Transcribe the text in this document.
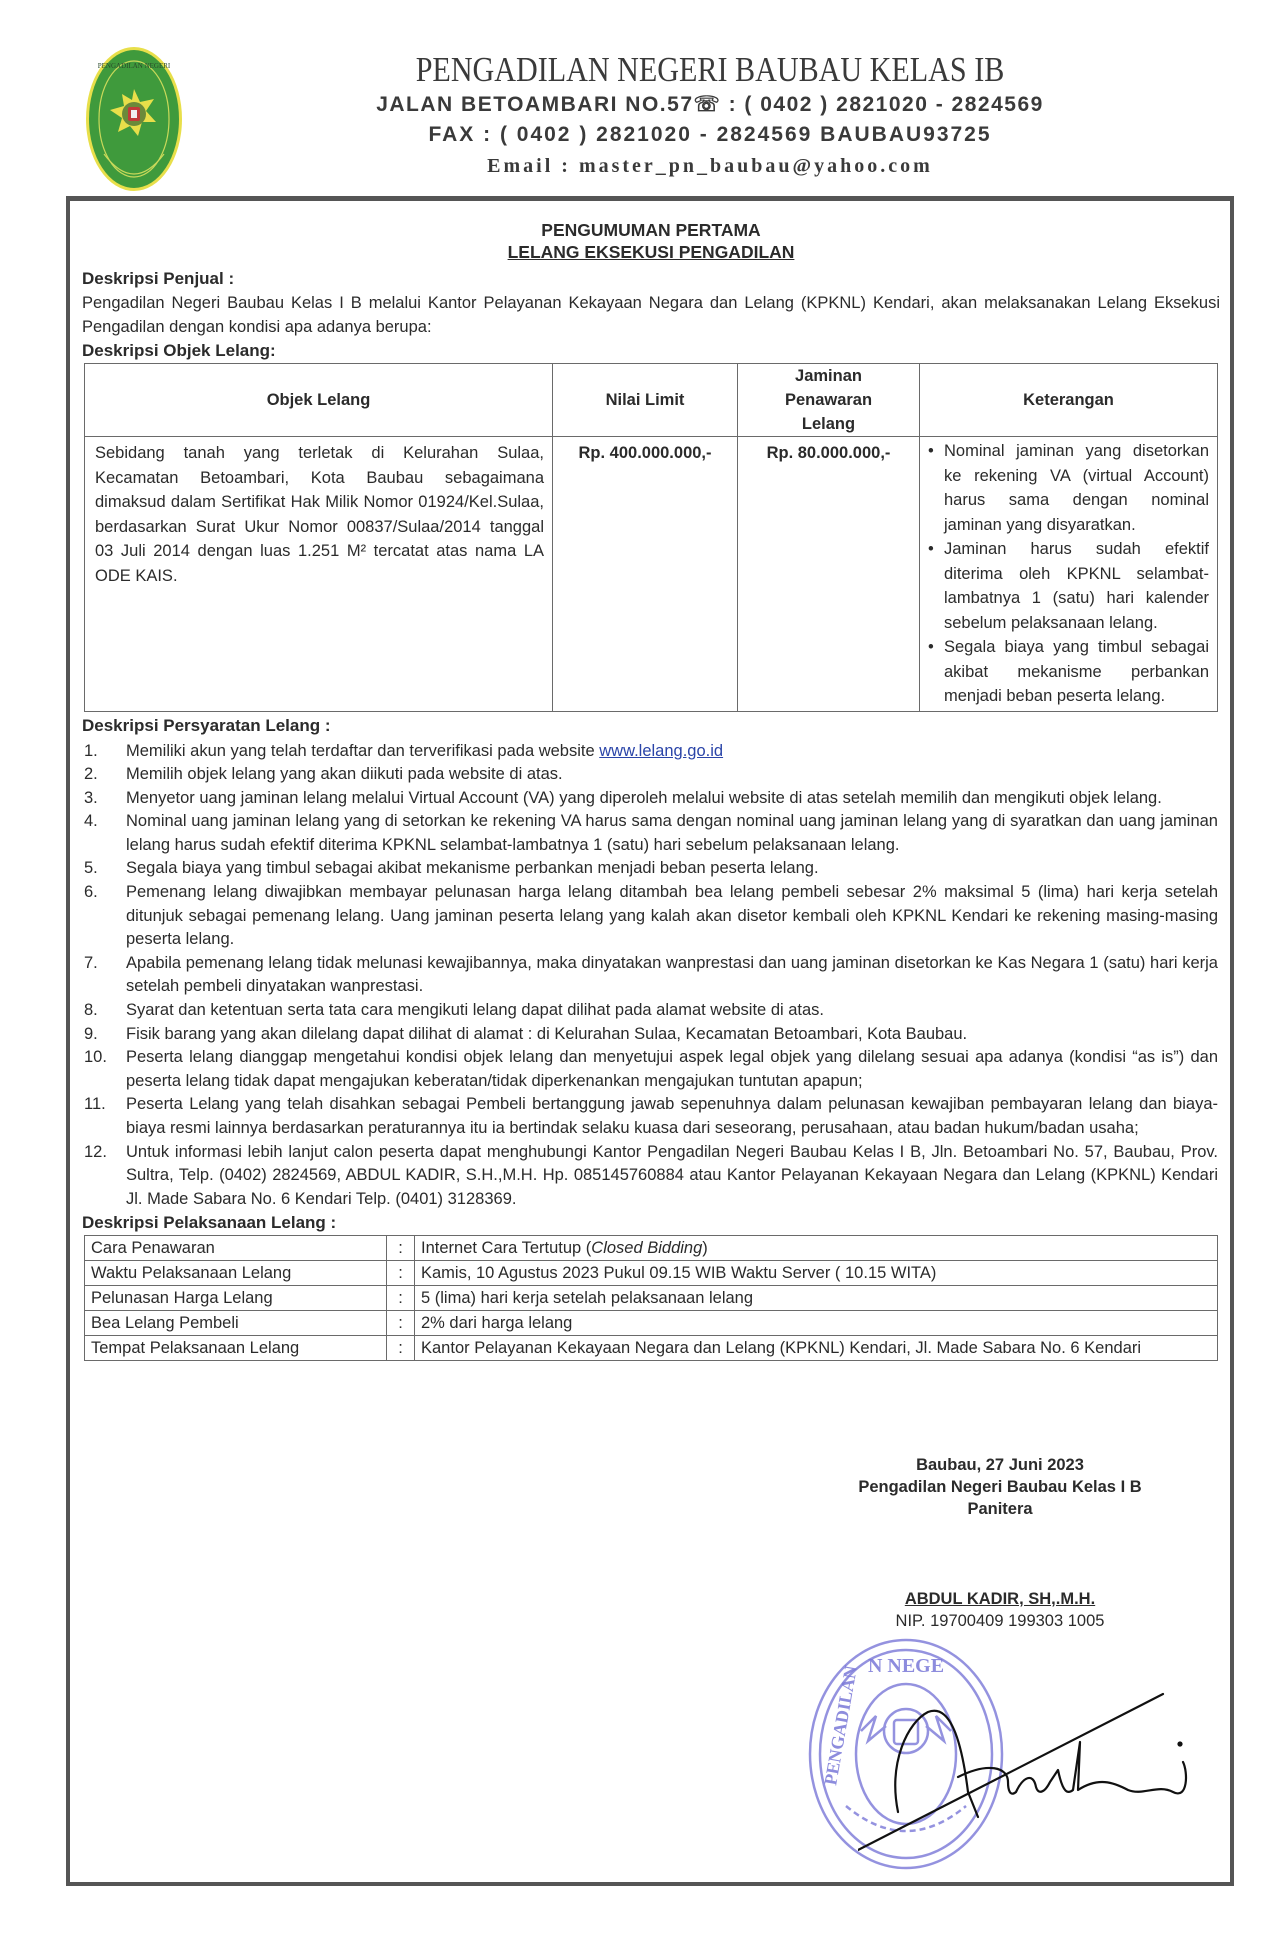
PENGADILAN NEGERI	PENGADILAN NEGERI BAUBAU KELAS IB
JALAN BETOAMBARI NO.57☏ : ( 0402 ) 2821020 - 2824569
FAX : ( 0402 ) 2821020 - 2824569 BAUBAU93725
Email : master_pn_baubau@yahoo.com
PENGUMUMAN PERTAMA
LELANG EKSEKUSI PENGADILAN
Deskripsi Penjual :
Pengadilan Negeri Baubau Kelas I B melalui Kantor Pelayanan Kekayaan Negara dan Lelang (KPKNL) Kendari, akan melaksanakan Lelang Eksekusi Pengadilan dengan kondisi apa adanya berupa:
Deskripsi Objek Lelang:
Objek Lelang	Nilai Limit	Jaminan Penawaran Lelang	Keterangan
Sebidang tanah yang terletak di Kelurahan Sulaa, Kecamatan Betoambari, Kota Baubau sebagaimana dimaksud dalam Sertifikat Hak Milik Nomor 01924/Kel.Sulaa, berdasarkan Surat Ukur Nomor 00837/Sulaa/2014 tanggal 03 Juli 2014 dengan luas 1.251 M² tercatat atas nama LA ODE KAIS.	Rp. 400.000.000,-	Rp. 80.000.000,-	
•Nominal jaminan yang disetorkan ke rekening VA (virtual Account) harus sama dengan nominal jaminan yang disyaratkan.
• Jaminan harus sudah efektif diterima oleh KPKNL selambat-lambatnya 1 (satu) hari kalender sebelum pelaksanaan lelang.
• Segala biaya yang timbul sebagai akibat mekanisme perbankan menjadi beban peserta lelang.
Deskripsi Persyaratan Lelang :
1.	Memiliki akun yang telah terdaftar dan terverifikasi pada website www.lelang.go.id
2.	Memilih objek lelang yang akan diikuti pada website di atas.
3.	Menyetor uang jaminan lelang melalui Virtual Account (VA) yang diperoleh melalui website di atas setelah memilih dan mengikuti objek lelang.
4.	Nominal uang jaminan lelang yang di setorkan ke rekening VA harus sama dengan nominal uang jaminan lelang yang di syaratkan dan uang jaminan lelang harus sudah efektif diterima KPKNL selambat-lambatnya 1 (satu) hari sebelum pelaksanaan lelang.
5.	Segala biaya yang timbul sebagai akibat mekanisme perbankan menjadi beban peserta lelang.
6.	Pemenang lelang diwajibkan membayar pelunasan harga lelang ditambah bea lelang pembeli sebesar 2% maksimal 5 (lima) hari kerja setelah ditunjuk sebagai pemenang lelang. Uang jaminan peserta lelang yang kalah akan disetor kembali oleh KPKNL Kendari ke rekening masing-masing peserta lelang.
7.	Apabila pemenang lelang tidak melunasi kewajibannya, maka dinyatakan wanprestasi dan uang jaminan disetorkan ke Kas Negara 1 (satu) hari kerja setelah pembeli dinyatakan wanprestasi.
8.	Syarat dan ketentuan serta tata cara mengikuti lelang dapat dilihat pada alamat website di atas.
9.	Fisik barang yang akan dilelang dapat dilihat di alamat : di Kelurahan Sulaa, Kecamatan Betoambari, Kota Baubau.
10.	Peserta lelang dianggap mengetahui kondisi objek lelang dan menyetujui aspek legal objek yang dilelang sesuai apa adanya (kondisi “as is”) dan peserta lelang tidak dapat mengajukan keberatan/tidak diperkenankan mengajukan tuntutan apapun;
11.	Peserta Lelang yang telah disahkan sebagai Pembeli bertanggung jawab sepenuhnya dalam pelunasan kewajiban pembayaran lelang dan biaya-biaya resmi lainnya berdasarkan peraturannya itu ia bertindak selaku kuasa dari seseorang, perusahaan, atau badan hukum/badan usaha;
12.	Untuk informasi lebih lanjut calon peserta dapat menghubungi Kantor Pengadilan Negeri Baubau Kelas I B, Jln. Betoambari No. 57, Baubau, Prov. Sultra, Telp. (0402) 2824569, ABDUL KADIR, S.H.,M.H. Hp. 085145760884 atau Kantor Pelayanan Kekayaan Negara dan Lelang (KPKNL) Kendari Jl. Made Sabara No. 6 Kendari Telp. (0401) 3128369.
Deskripsi Pelaksanaan Lelang :
Cara Penawaran	:	Internet Cara Tertutup (Closed Bidding)
Waktu Pelaksanaan Lelang	:	Kamis, 10 Agustus 2023 Pukul 09.15 WIB Waktu Server ( 10.15 WITA)
Pelunasan Harga Lelang	:	5 (lima) hari kerja setelah pelaksanaan lelang
Bea Lelang Pembeli	:	2% dari harga lelang
Tempat Pelaksanaan Lelang	:	Kantor Pelayanan Kekayaan Negara dan Lelang (KPKNL) Kendari, Jl. Made Sabara No. 6 Kendari
N NEGE
PENGADILAN
Baubau, 27 Juni 2023
Pengadilan Negeri Baubau Kelas I B
Panitera
ABDUL KADIR, SH,.M.H.
NIP. 19700409 199303 1005
